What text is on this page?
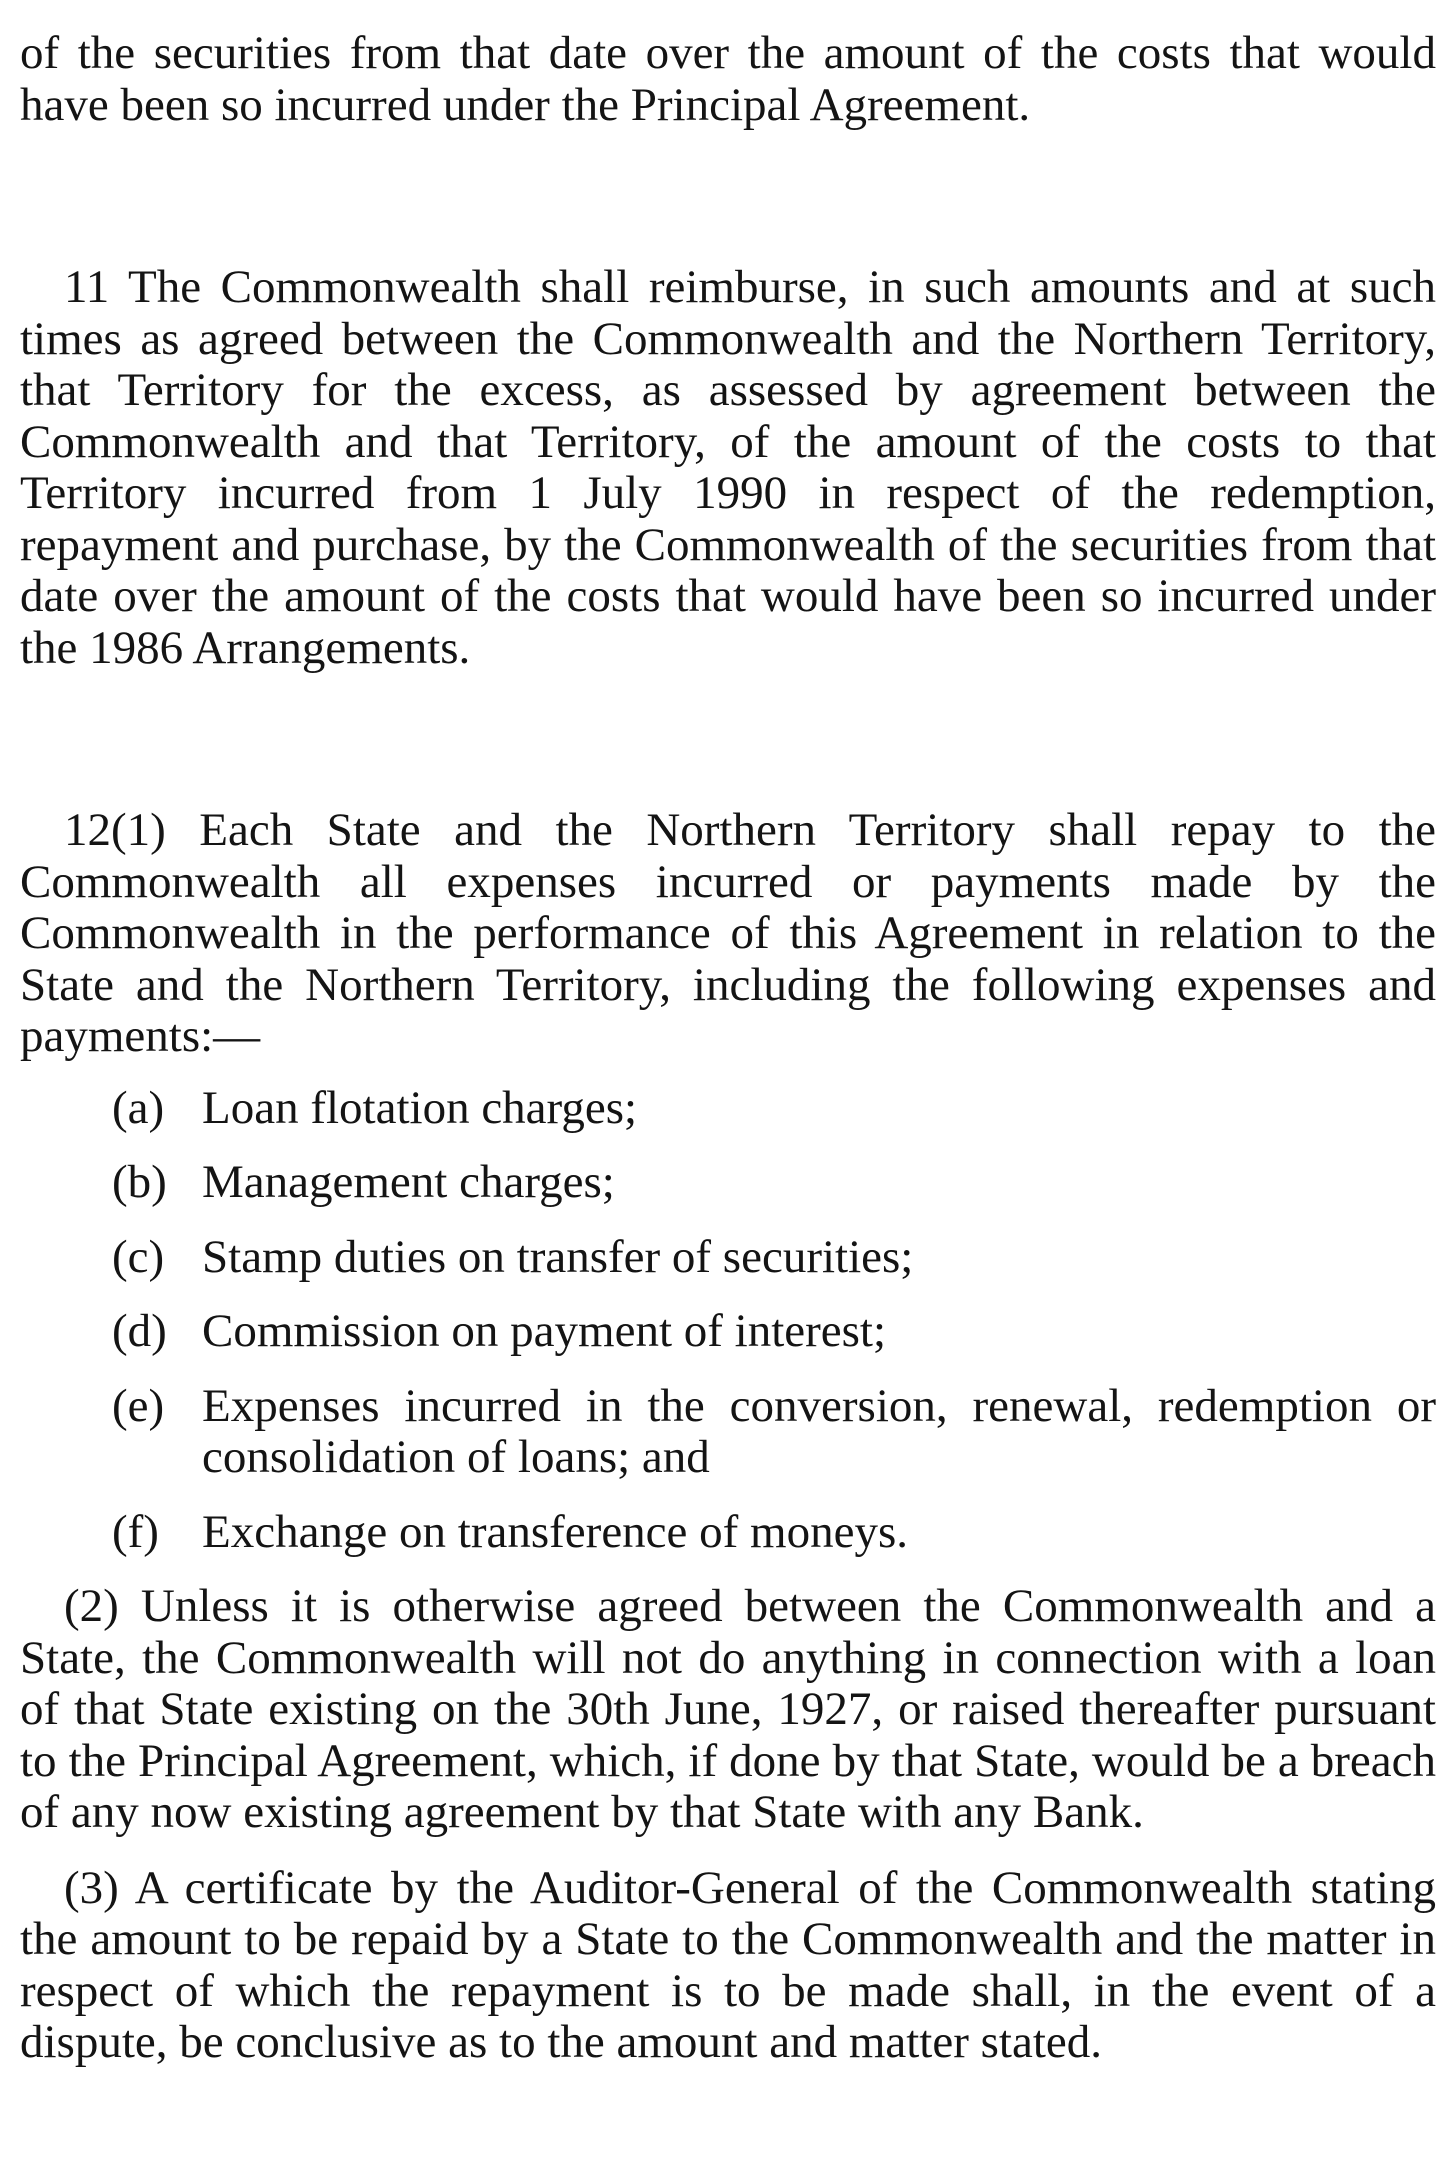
of the securities from that date over the amount of the costs that would have been so incurred under the Principal Agreement.

11 The Commonwealth shall reimburse, in such amounts and at such times as agreed between the Commonwealth and the Northern Territory, that Territory for the excess, as assessed by agreement between the Commonwealth and that Territory, of the amount of the costs to that Territory incurred from 1 July 1990 in respect of the redemption, repayment and purchase, by the Commonwealth of the securities from that date over the amount of the costs that would have been so incurred under the 1986 Arrangements.

12(1) Each State and the Northern Territory shall repay to the Commonwealth all expenses incurred or payments made by the Commonwealth in the performance of this Agreement in relation to the State and the Northern Territory, including the following expenses and payments:—

(a) Loan flotation charges;
(b) Management charges;
(c) Stamp duties on transfer of securities;
(d) Commission on payment of interest;
(e) Expenses incurred in the conversion, renewal, redemption or consolidation of loans; and
(f) Exchange on transference of moneys.

(2) Unless it is otherwise agreed between the Commonwealth and a State, the Commonwealth will not do anything in connection with a loan of that State existing on the 30th June, 1927, or raised thereafter pursuant to the Principal Agreement, which, if done by that State, would be a breach of any now existing agreement by that State with any Bank.

(3) A certificate by the Auditor-General of the Commonwealth stating the amount to be repaid by a State to the Commonwealth and the matter in respect of which the repayment is to be made shall, in the event of a dispute, be conclusive as to the amount and matter stated.
